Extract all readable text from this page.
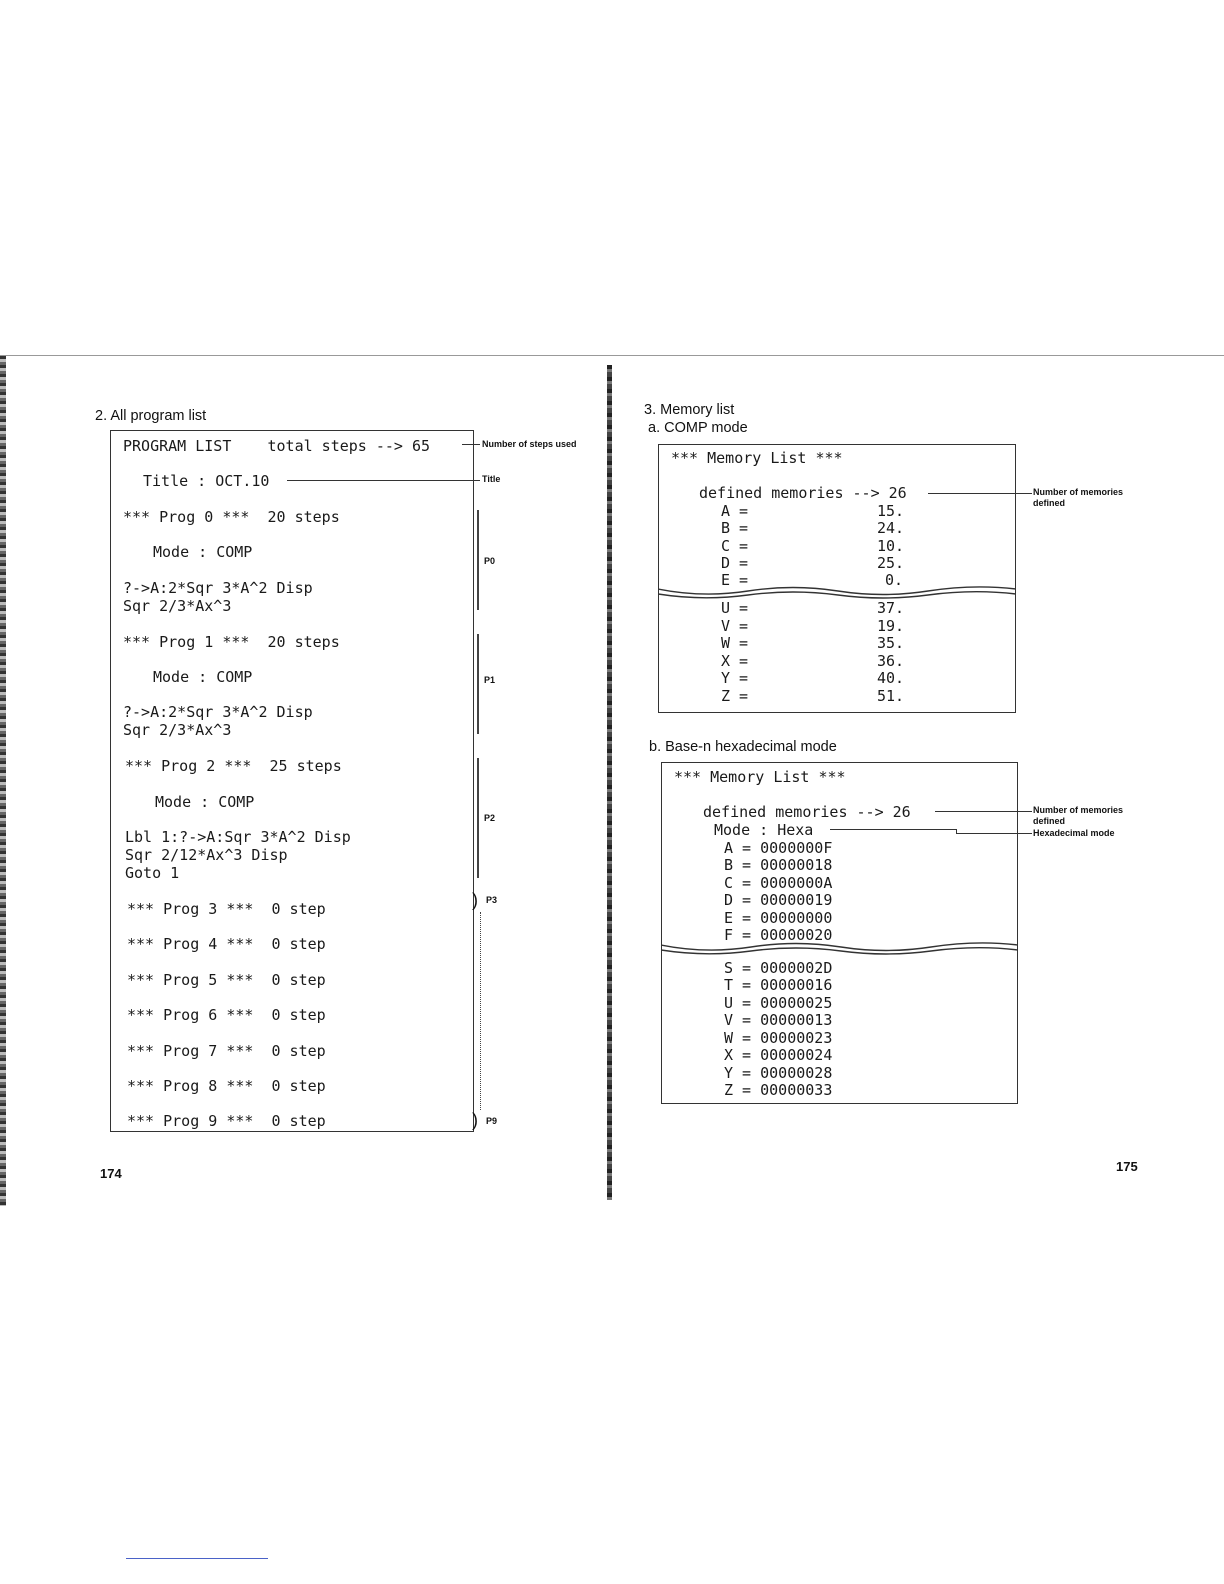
2. All program list
PROGRAM LIST    total steps --> 65
Title : OCT.10
*** Prog 0 ***  20 steps
Mode : COMP
?->A:2*Sqr 3*A^2 Disp
Sqr 2/3*Ax^3
*** Prog 1 ***  20 steps
Mode : COMP
?->A:2*Sqr 3*A^2 Disp
Sqr 2/3*Ax^3
*** Prog 2 ***  25 steps
Mode : COMP
Lbl 1:?->A:Sqr 3*A^2 Disp
Sqr 2/12*Ax^3 Disp
Goto 1
*** Prog 3 ***  0 step
*** Prog 4 ***  0 step
*** Prog 5 ***  0 step
*** Prog 6 ***  0 step
*** Prog 7 ***  0 step
*** Prog 8 ***  0 step
*** Prog 9 ***  0 step
Number of steps used
Title
P0
P1
P2
) P3
) P9
174
3. Memory list
a. COMP mode
*** Memory List ***
defined memories --> 26
A =	15.
B =	24.
C =	10.
D =	25.
E =	0.
U =	37.
V =	19.
W =	35.
X =	36.
Y =	40.
Z =	51.
Number of memories defined
b. Base-n hexadecimal mode
*** Memory List ***
defined memories --> 26
Mode : Hexa
A = 0000000F
B = 00000018
C = 0000000A
D = 00000019
E = 00000000
F = 00000020
S = 0000002D
T = 00000016
U = 00000025
V = 00000013
W = 00000023
X = 00000024
Y = 00000028
Z = 00000033
Number of memories defined
Hexadecimal mode
175
